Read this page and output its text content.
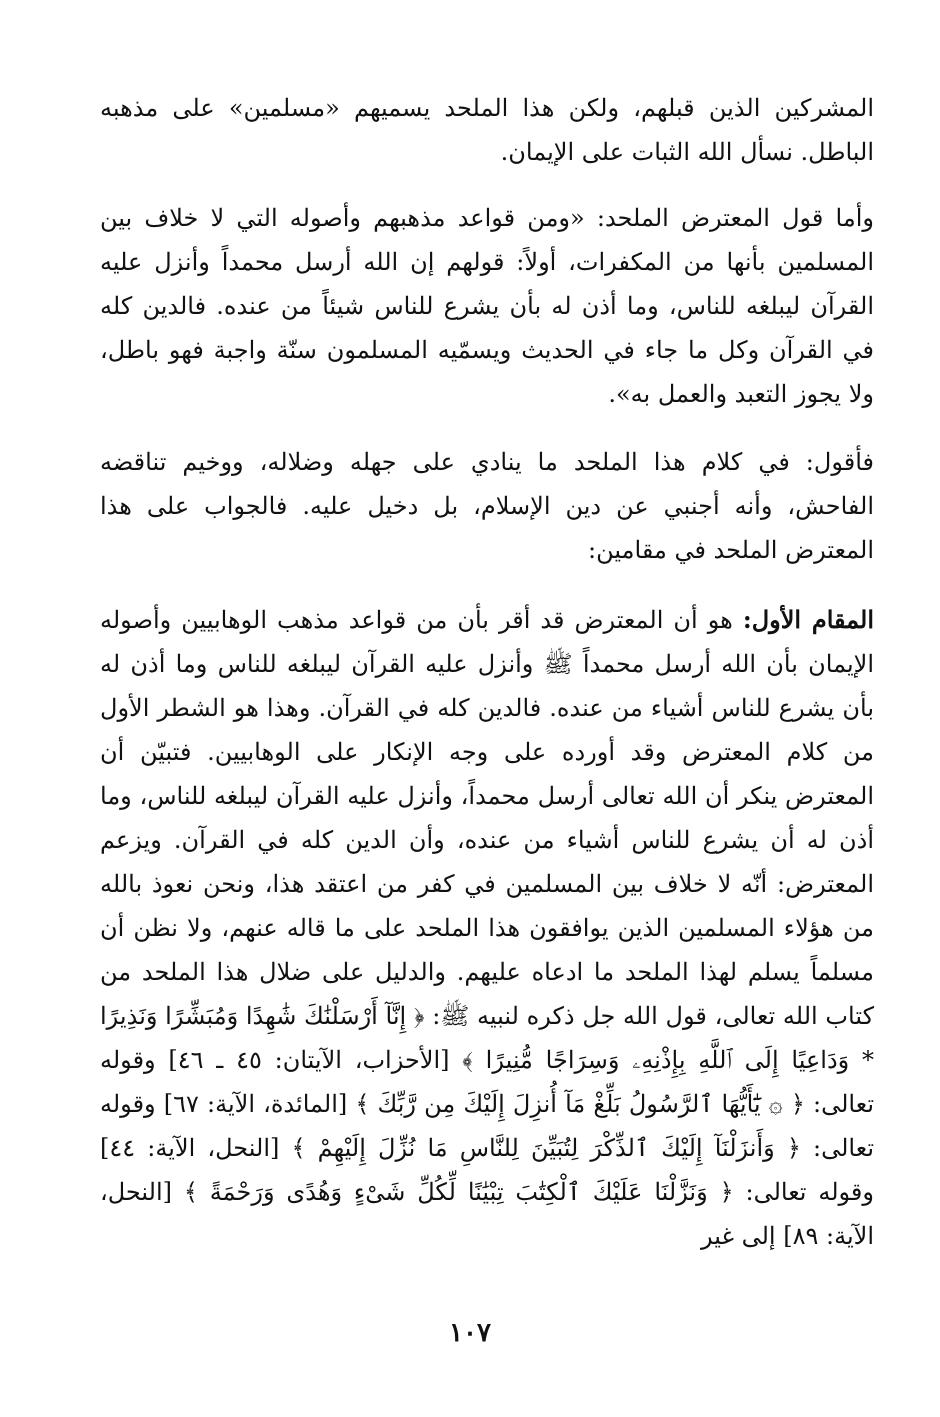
المشركين الذين قبلهم، ولكن هذا الملحد يسميهم «مسلمين» على مذهبه الباطل. نسأل الله الثبات على الإيمان.

وأما قول المعترض الملحد: «ومن قواعد مذهبهم وأصوله التي لا خلاف بين المسلمين بأنها من المكفرات، أولاً: قولهم إن الله أرسل محمداً وأنزل عليه القرآن ليبلغه للناس، وما أذن له بأن يشرع للناس شيئاً من عنده. فالدين كله في القرآن وكل ما جاء في الحديث ويسمّيه المسلمون سنّة واجبة فهو باطل، ولا يجوز التعبد والعمل به».

فأقول: في كلام هذا الملحد ما ينادي على جهله وضلاله، ووخيم تناقضه الفاحش، وأنه أجنبي عن دين الإسلام، بل دخيل عليه. فالجواب على هذا المعترض الملحد في مقامين:

المقام الأول: هو أن المعترض قد أقر بأن من قواعد مذهب الوهابيين وأصوله الإيمان بأن الله أرسل محمداً ﷺ وأنزل عليه القرآن ليبلغه للناس وما أذن له بأن يشرع للناس أشياء من عنده. فالدين كله في القرآن. وهذا هو الشطر الأول من كلام المعترض وقد أورده على وجه الإنكار على الوهابيين. فتبيّن أن المعترض ينكر أن الله تعالى أرسل محمداً، وأنزل عليه القرآن ليبلغه للناس، وما أذن له أن يشرع للناس أشياء من عنده، وأن الدين كله في القرآن. ويزعم المعترض: أنّه لا خلاف بين المسلمين في كفر من اعتقد هذا، ونحن نعوذ بالله من هؤلاء المسلمين الذين يوافقون هذا الملحد على ما قاله عنهم، ولا نظن أن مسلماً يسلم لهذا الملحد ما ادعاه عليهم. والدليل على ضلال هذا الملحد من كتاب الله تعالى، قول الله جل ذكره لنبيه ﷺ: ﴿ إِنَّآ أَرْسَلْنَٰكَ شَٰهِدًا وَمُبَشِّرًا وَنَذِيرًا * وَدَاعِيًا إِلَى ٱللَّهِ بِإِذْنِهِۦ وَسِرَاجًا مُّنِيرًا ﴾ [الأحزاب، الآيتان: ٤٥ ـ ٤٦] وقوله تعالى: ﴿ ۞ يَٰٓأَيُّهَا ٱلرَّسُولُ بَلِّغْ مَآ أُنزِلَ إِلَيْكَ مِن رَّبِّكَ ﴾ [المائدة، الآية: ٦٧] وقوله تعالى: ﴿ وَأَنزَلْنَآ إِلَيْكَ ٱلذِّكْرَ لِتُبَيِّنَ لِلنَّاسِ مَا نُزِّلَ إِلَيْهِمْ ﴾ [النحل، الآية: ٤٤] وقوله تعالى: ﴿ وَنَزَّلْنَا عَلَيْكَ ٱلْكِتَٰبَ تِبْيَٰنًا لِّكُلِّ شَىْءٍ وَهُدًى وَرَحْمَةً ﴾ [النحل، الآية: ٨٩] إلى غير

١٠٧
